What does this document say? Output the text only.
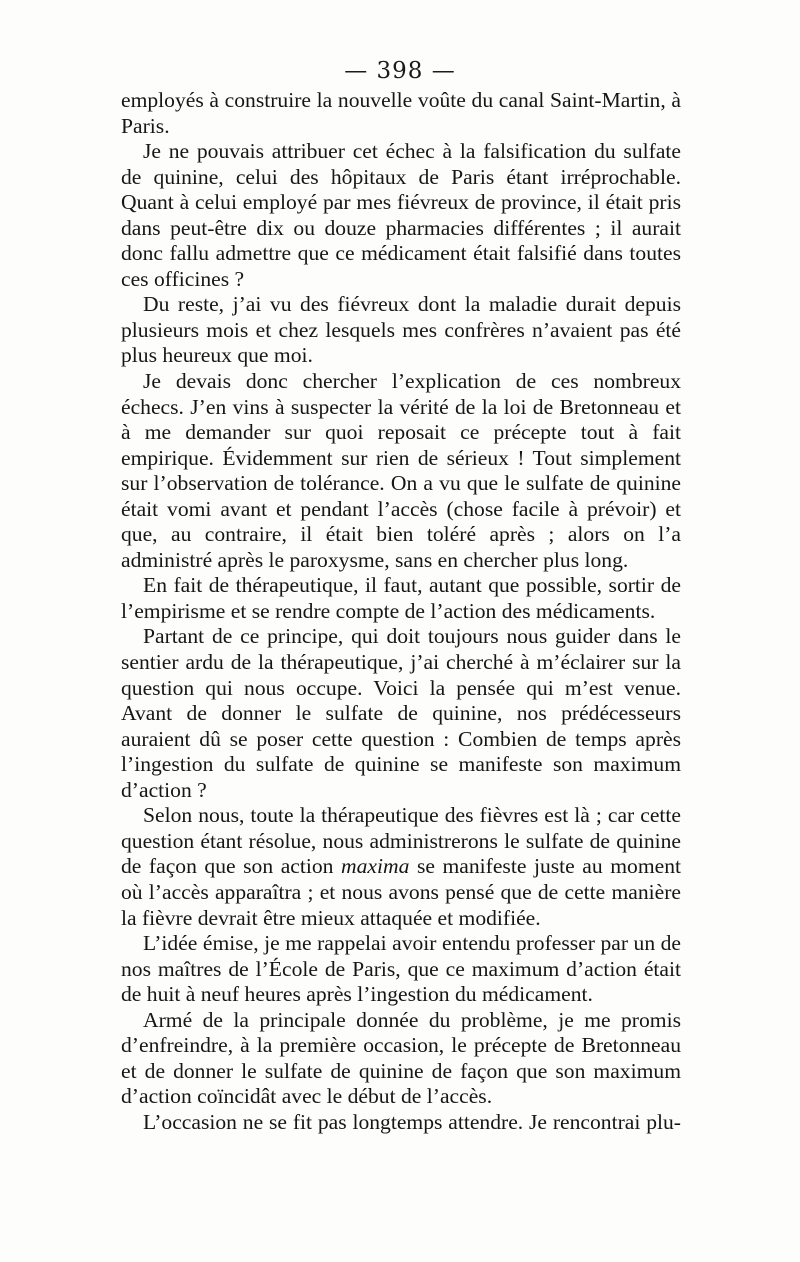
— 398 —

employés à construire la nouvelle voûte du canal Saint-Martin, à Paris.

Je ne pouvais attribuer cet échec à la falsification du sulfate de quinine, celui des hôpitaux de Paris étant irréprochable. Quant à celui employé par mes fiévreux de province, il était pris dans peut-être dix ou douze pharmacies différentes ; il aurait donc fallu admettre que ce médicament était falsifié dans toutes ces officines ?

Du reste, j’ai vu des fiévreux dont la maladie durait depuis plusieurs mois et chez lesquels mes confrères n’avaient pas été plus heureux que moi.

Je devais donc chercher l’explication de ces nombreux échecs. J’en vins à suspecter la vérité de la loi de Bretonneau et à me demander sur quoi reposait ce précepte tout à fait empirique. Évidemment sur rien de sérieux ! Tout simplement sur l’observation de tolérance. On a vu que le sulfate de quinine était vomi avant et pendant l’accès (chose facile à prévoir) et que, au contraire, il était bien toléré après ; alors on l’a administré après le paroxysme, sans en chercher plus long.

En fait de thérapeutique, il faut, autant que possible, sortir de l’empirisme et se rendre compte de l’action des médicaments.

Partant de ce principe, qui doit toujours nous guider dans le sentier ardu de la thérapeutique, j’ai cherché à m’éclairer sur la question qui nous occupe. Voici la pensée qui m’est venue. Avant de donner le sulfate de quinine, nos prédécesseurs auraient dû se poser cette question : Combien de temps après l’ingestion du sulfate de quinine se manifeste son maximum d’action ?

Selon nous, toute la thérapeutique des fièvres est là ; car cette question étant résolue, nous administrerons le sulfate de quinine de façon que son action maxima se manifeste juste au moment où l’accès apparaîtra ; et nous avons pensé que de cette manière la fièvre devrait être mieux attaquée et modifiée.

L’idée émise, je me rappelai avoir entendu professer par un de nos maîtres de l’École de Paris, que ce maximum d’action était de huit à neuf heures après l’ingestion du médicament.

Armé de la principale donnée du problème, je me promis d’enfreindre, à la première occasion, le précepte de Bretonneau et de donner le sulfate de quinine de façon que son maximum d’action coïncidât avec le début de l’accès.

L’occasion ne se fit pas longtemps attendre. Je rencontrai plu-
